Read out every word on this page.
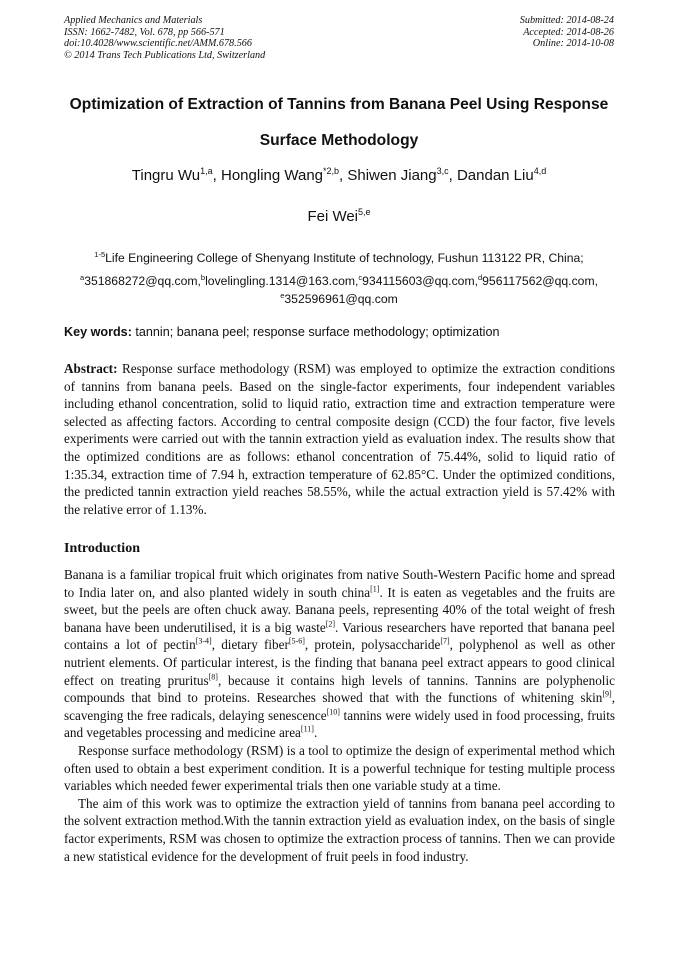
Applied Mechanics and Materials
ISSN: 1662-7482, Vol. 678, pp 566-571
doi:10.4028/www.scientific.net/AMM.678.566
© 2014 Trans Tech Publications Ltd, Switzerland
Submitted: 2014-08-24
Accepted: 2014-08-26
Online: 2014-10-08
Optimization of Extraction of Tannins from Banana Peel Using Response Surface Methodology
Tingru Wu$^{1,a}$, Hongling Wang$^{*2,b}$, Shiwen Jiang$^{3,c}$, Dandan Liu$^{4,d}$
Fei Wei$^{5,e}$
$^{1-5}$Life Engineering College of Shenyang Institute of technology, Fushun 113122 PR, China;
$^a$351868272@qq.com,$^b$lovelingling.1314@163.com,$^c$934115603@qq.com,$^d$956117562@qq.com,
$^e$352596961@qq.com
Key words: tannin; banana peel; response surface methodology; optimization

Abstract: Response surface methodology (RSM) was employed to optimize the extraction conditions of tannins from banana peels. Based on the single-factor experiments, four independent variables including ethanol concentration, solid to liquid ratio, extraction time and extraction temperature were selected as affecting factors. According to central composite design (CCD) the four factor, five levels experiments were carried out with the tannin extraction yield as evaluation index. The results show that the optimized conditions are as follows: ethanol concentration of 75.44%, solid to liquid ratio of 1:35.34, extraction time of 7.94 h, extraction temperature of 62.85°C. Under the optimized conditions, the predicted tannin extraction yield reaches 58.55%, while the actual extraction yield is 57.42% with the relative error of 1.13%.

Introduction

Banana is a familiar tropical fruit which originates from native South-Western Pacific home and spread to India later on, and also planted widely in south china[1]. It is eaten as vegetables and the fruits are sweet, but the peels are often chuck away. Banana peels, representing 40% of the total weight of fresh banana have been underutilised, it is a big waste[2]. Various researchers have reported that banana peel contains a lot of pectin[3-4], dietary fiber[5-6], protein, polysaccharide[7], polyphenol as well as other nutrient elements. Of particular interest, is the finding that banana peel extract appears to good clinical effect on treating pruritus[8], because it contains high levels of tannins. Tannins are polyphenolic compounds that bind to proteins. Researches showed that with the functions of whitening skin[9], scavenging the free radicals, delaying senescence[10] tannins were widely used in food processing, fruits and vegetables processing and medicine area[11].

Response surface methodology (RSM) is a tool to optimize the design of experimental method which often used to obtain a best experiment condition. It is a powerful technique for testing multiple process variables which needed fewer experimental trials then one variable study at a time.

The aim of this work was to optimize the extraction yield of tannins from banana peel according to the solvent extraction method.With the tannin extraction yield as evaluation index, on the basis of single factor experiments, RSM was chosen to optimize the extraction process of tannins. Then we can provide a new statistical evidence for the development of fruit peels in food industry.
